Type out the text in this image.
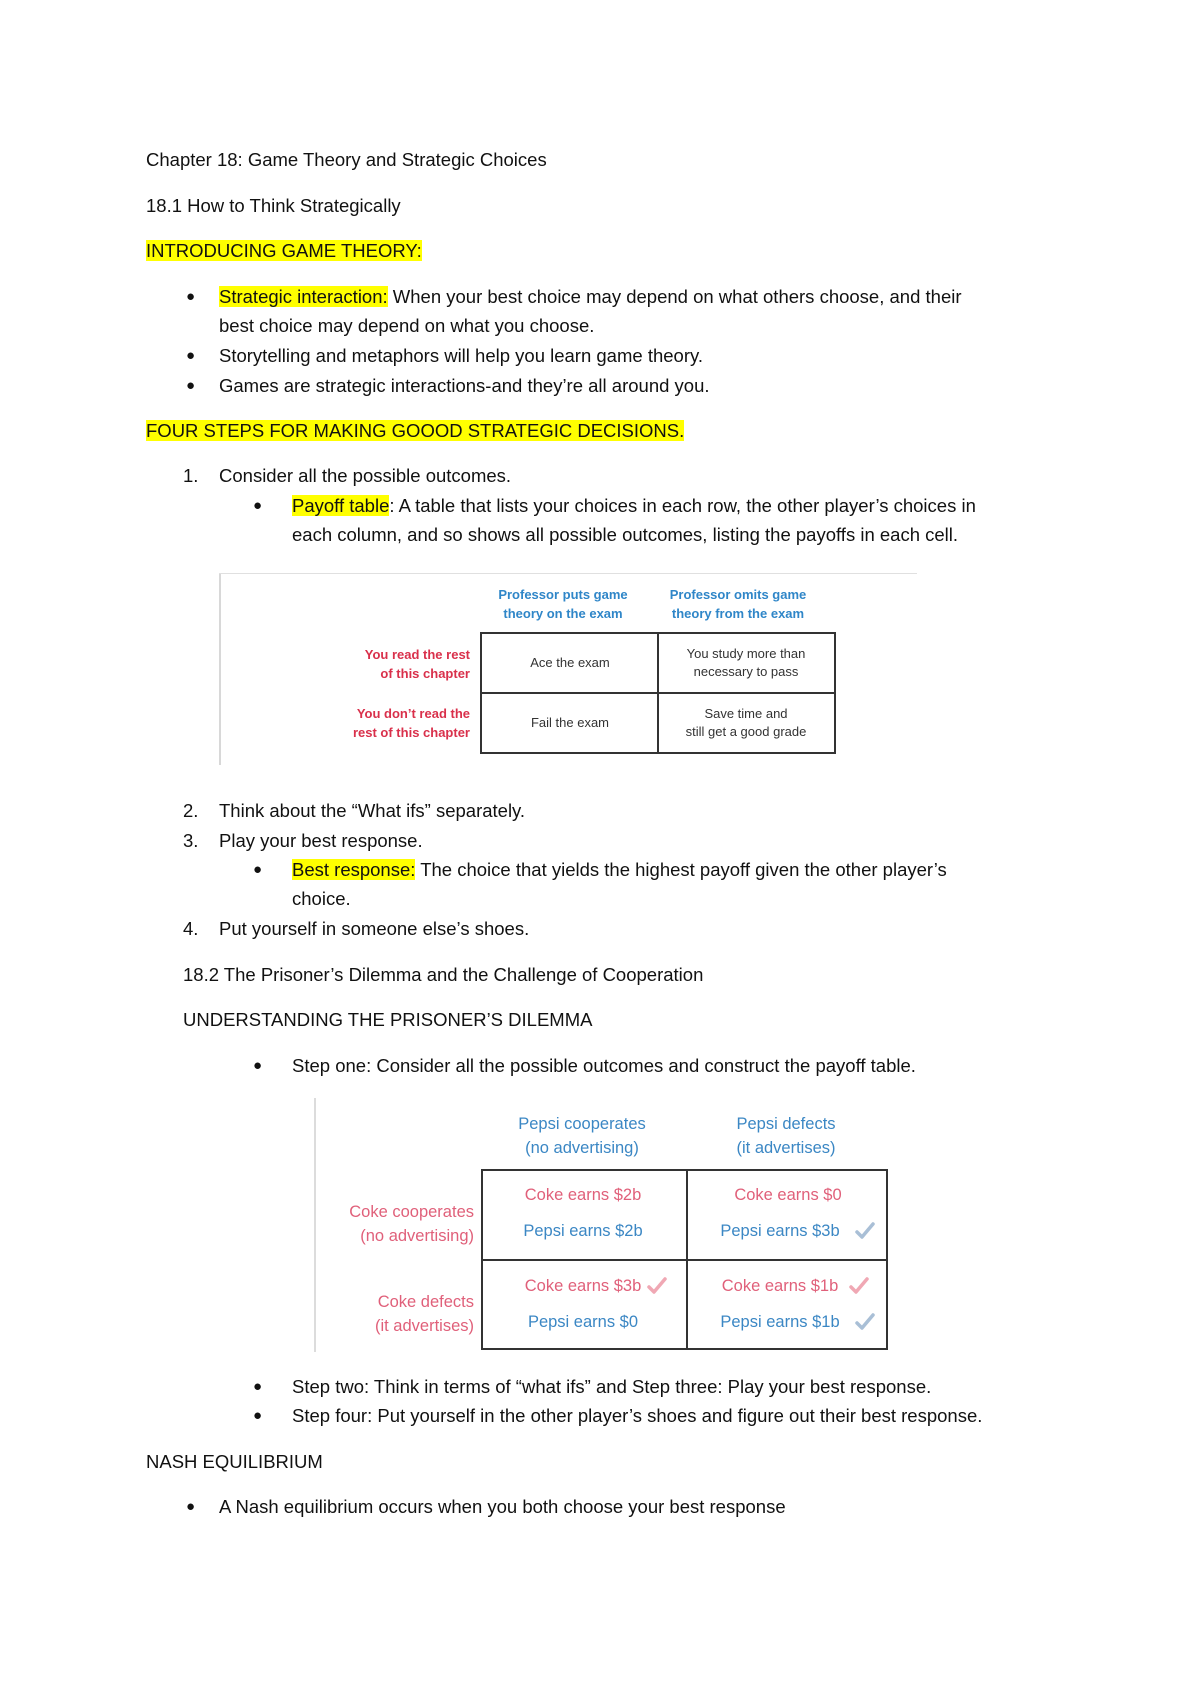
Chapter 18: Game Theory and Strategic Choices
18.1 How to Think Strategically
INTRODUCING GAME THEORY:
● Strategic interaction: When your best choice may depend on what others choose, and their
best choice may depend on what you choose.
● Storytelling and metaphors will help you learn game theory.
● Games are strategic interactions-and they’re all around you.
FOUR STEPS FOR MAKING GOOOD STRATEGIC DECISIONS.
1. Consider all the possible outcomes.
● Payoff table: A table that lists your choices in each row, the other player’s choices in
each column, and so shows all possible outcomes, listing the payoffs in each cell.
Professor puts game
theory on the exam
Professor omits game
theory from the exam
You read the rest
of this chapter
You don’t read the
rest of this chapter
Ace the exam
You study more than
necessary to pass
Fail the exam
Save time and
still get a good grade
2. Think about the “What ifs” separately.
3. Play your best response.
● Best response: The choice that yields the highest payoff given the other player’s
choice.
4. Put yourself in someone else’s shoes.
18.2 The Prisoner’s Dilemma and the Challenge of Cooperation
UNDERSTANDING THE PRISONER’S DILEMMA
● Step one: Consider all the possible outcomes and construct the payoff table.
Pepsi cooperates
(no advertising)
Pepsi defects
(it advertises)
Coke cooperates
(no advertising)
Coke defects
(it advertises)
Coke earns $2b
Pepsi earns $2b
Coke earns $0
Pepsi earns $3b
Coke earns $3b
Pepsi earns $0
Coke earns $1b
Pepsi earns $1b
● Step two: Think in terms of “what ifs” and Step three: Play your best response.
● Step four: Put yourself in the other player’s shoes and figure out their best response.
NASH EQUILIBRIUM
● A Nash equilibrium occurs when you both choose your best response
